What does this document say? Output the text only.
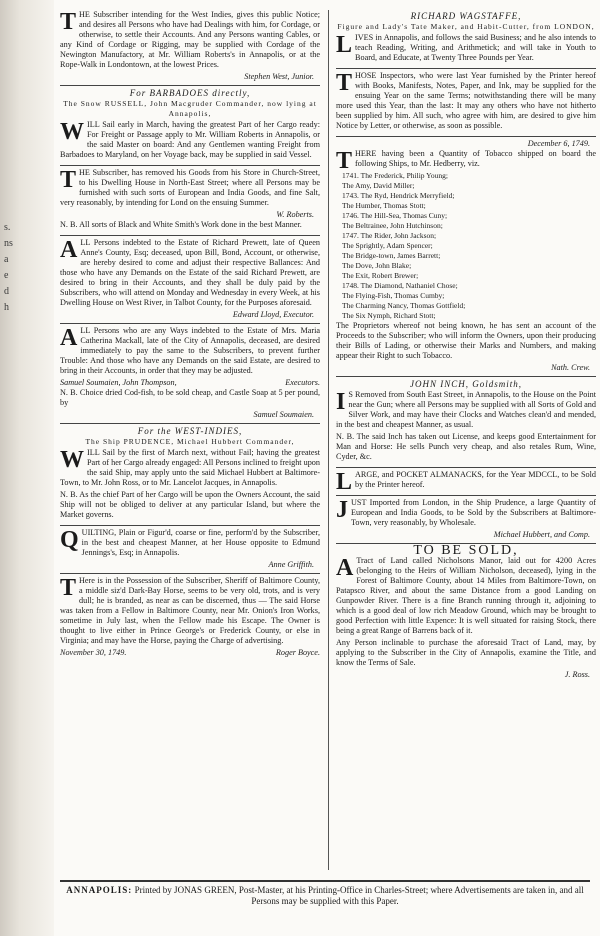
s.
ns
a
e
d
h

THE Subscriber intending for the West Indies, gives this public Notice; and desires all Persons who have had Dealings with him, for Cordage, or otherwise, to settle their Accounts. And any Persons wanting Cables, or any Kind of Cordage or Rigging, may be supplied with Cordage of the Newington Manufactory, at Mr. William Roberts's in Annapolis, or at the Rope-Walk in Londontown, at the lowest Prices.

Stephen West, Junior.
For BARBADOES directly,
The Snow RUSSELL, John Macgruder Commander, now lying at Annapolis,

WILL Sail early in March, having the greatest Part of her Cargo ready: For Freight or Passage apply to Mr. William Roberts in Annapolis, or the said Master on board: And any Gentlemen wanting Freight from Barbadoes to Maryland, on her Voyage back, may be supplied in said Vessel.

THE Subscriber, has removed his Goods from his Store in Church-Street, to his Dwelling House in North-East Street; where all Persons may be furnished with such sorts of European and India Goods, and fine Salt, very reasonably, by intending for Lond on the ensuing Summer.

W. Roberts.

N. B. All sorts of Black and White Smith's Work done in the best Manner.

ALL Persons indebted to the Estate of Richard Prewett, late of Queen Anne's County, Esq; deceased, upon Bill, Bond, Account, or otherwise, are hereby desired to come and adjust their respective Ballances: And those who have any Demands on the Estate of the said Richard Prewett, are desired to bring in their Accounts, and they shall be duly paid by the Subscribers, who will attend on Monday and Wednesday in every Week, at his Dwelling House on West River, in Talbot County, for the Purposes aforesaid.

Edward Lloyd, Executor.

ALL Persons who are any Ways indebted to the Estate of Mrs. Maria Catherina Mackall, late of the City of Annapolis, deceased, are desired immediately to pay the same to the Subscribers, to prevent further Trouble: And those who have any Demands on the said Estate, are desired to bring in their Accounts, in order that they may be adjusted.

Samuel Soumaien, John Thompson,	Executors.

N. B. Choice dried Cod-fish, to be sold cheap, and Castle Soap at 5 per pound, by

Samuel Soumaien.
For the WEST-INDIES,
The Ship PRUDENCE, Michael Hubbert Commander,

WILL Sail by the first of March next, without Fail; having the greatest Part of her Cargo already engaged: All Persons inclined to freight upon the said Ship, may apply unto the said Michael Hubbert at Baltimore-Town, to Mr. John Ross, or to Mr. Lancelot Jacques, in Annapolis.

N. B. As the chief Part of her Cargo will be upon the Owners Account, the said Ship will not be obliged to deliver at any particular Island, but where the Market governs.

QUILTING, Plain or Figur'd, coarse or fine, perform'd by the Subscriber, in the best and cheapest Manner, at her House opposite to Edmund Jennings's, Esq; in Annapolis.

Anne Griffith.

T Here is in the Possession of the Subscriber, Sheriff of Baltimore County, a middle siz'd Dark-Bay Horse, seems to be very old, trots, and is very dull; he is branded, as near as can be discerned, thus — The said Horse was taken from a Fellow in Baltimore County, near Mr. Onion's Iron Works, sometime in July last, when the Fellow made his Escape. The Owner is thought to live either in Prince George's or Frederick County, or else in Virginia; and may have the Horse, paying the Charge of advertising.

November 30, 1749.	Roger Boyce.
RICHARD WAGSTAFFE,
Figure and Lady's Tate Maker, and Habit-Cutter, from LONDON,

LIVES in Annapolis, and follows the said Business; and he also intends to teach Reading, Writing, and Arithmetick; and will take in Youth to Board, and Educate, at Twenty Three Pounds per Year.

THOSE Inspectors, who were last Year furnished by the Printer hereof with Books, Manifests, Notes, Paper, and Ink, may be supplied for the ensuing Year on the same Terms; notwithstanding there will be many more used this Year, than the last: It may any others who have not hitherto been supplied by him. All such, who agree with him, are desired to give him Notice by Letter, or otherwise, as soon as possible.

December 6, 1749.

THERE having been a Quantity of Tobacco shipped on board the following Ships, to Mr. Hedberry, viz.

1741. The Frederick, Philip Young;
The Amy, David Miller;
1743. The Ryd, Hendrick Merryfield;
The Humber, Thomas Stott;
1746. The Hill-Sea, Thomas Cuny;
The Beltrainee, John Hutchinson;
1747. The Rider, John Jackson;
The Sprightly, Adam Spencer;
The Bridge-town, James Barrett;
The Dove, John Blake;
The Exit, Robert Brewer;
1748. The Diamond, Nathaniel Chose;
The Flying-Fish, Thomas Cumby;
The Charming Nancy, Thomas Gottfield;
The Six Nymph, Richard Stott;

The Proprietors whereof not being known, he has sent an account of the Proceeds to the Subscriber; who will inform the Owners, upon their producing their Bills of Lading, or otherwise their Marks and Numbers, and making appear their Right to such Tobacco.

Nath. Crew.
JOHN INCH, Goldsmith,

I S Removed from South East Street, in Annapolis, to the House on the Point near the Gun; where all Persons may be supplied with all Sorts of Gold and Silver Work, and may have their Clocks and Watches clean'd and mended, in the best and cheapest Manner, as usual.

N. B. The said Inch has taken out License, and keeps good Entertainment for Man and Horse: He sells Punch very cheap, and also retales Rum, Wine, Cyder, &c.

LARGE, and POCKET ALMANACKS, for the Year MDCCL, to be Sold by the Printer hereof.

JUST Imported from London, in the Ship Prudence, a large Quantity of European and India Goods, to be Sold by the Subscribers at Baltimore-Town, very reasonably, by Wholesale.

Michael Hubbert, and Comp.
TO BE SOLD,

A Tract of Land called Nicholsons Manor, laid out for 4200 Acres (belonging to the Heirs of William Nicholson, deceased), lying in the Forest of Baltimore County, about 14 Miles from Baltimore-Town, on Patapsco River, and about the same Distance from a good Landing on Gunpowder River. There is a fine Branch running through it, adjoining to which is a good deal of low rich Meadow Ground, which may be brought to good Perfection with little Expence: It is well situated for raising Stock, there being a great Range of Barrens back of it.

Any Person inclinable to purchase the aforesaid Tract of Land, may, by applying to the Subscriber in the City of Annapolis, examine the Title, and know the Terms of Sale.

J. Ross.
ANNAPOLIS: Printed by JONAS GREEN, Post-Master, at his Printing-Office in Charles-Street; where Advertisements are taken in, and all Persons may be supplied with this Paper.
